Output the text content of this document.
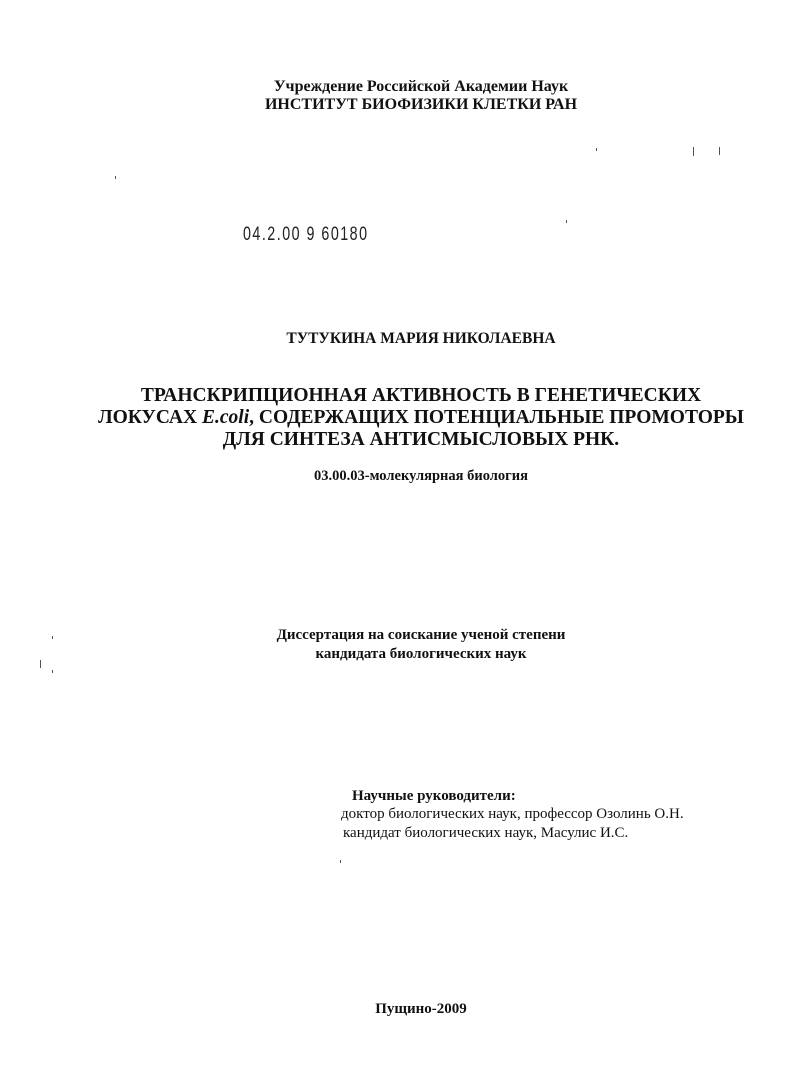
Учреждение Российской Академии Наук
ИНСТИТУТ БИОФИЗИКИ КЛЕТКИ РАН
04.2.00 9 60180
ТУТУКИНА МАРИЯ НИКОЛАЕВНА
ТРАНСКРИПЦИОННАЯ АКТИВНОСТЬ В ГЕНЕТИЧЕСКИХ
ЛОКУСАХ E.coli, СОДЕРЖАЩИХ ПОТЕНЦИАЛЬНЫЕ ПРОМОТОРЫ
ДЛЯ СИНТЕЗА АНТИСМЫСЛОВЫХ РНК.
03.00.03-молекулярная биология
Диссертация на соискание ученой степени
кандидата биологических наук
Научные руководители:
доктор биологических наук, профессор Озолинь О.Н.
кандидат биологических наук, Масулис И.С.
Пущино-2009
